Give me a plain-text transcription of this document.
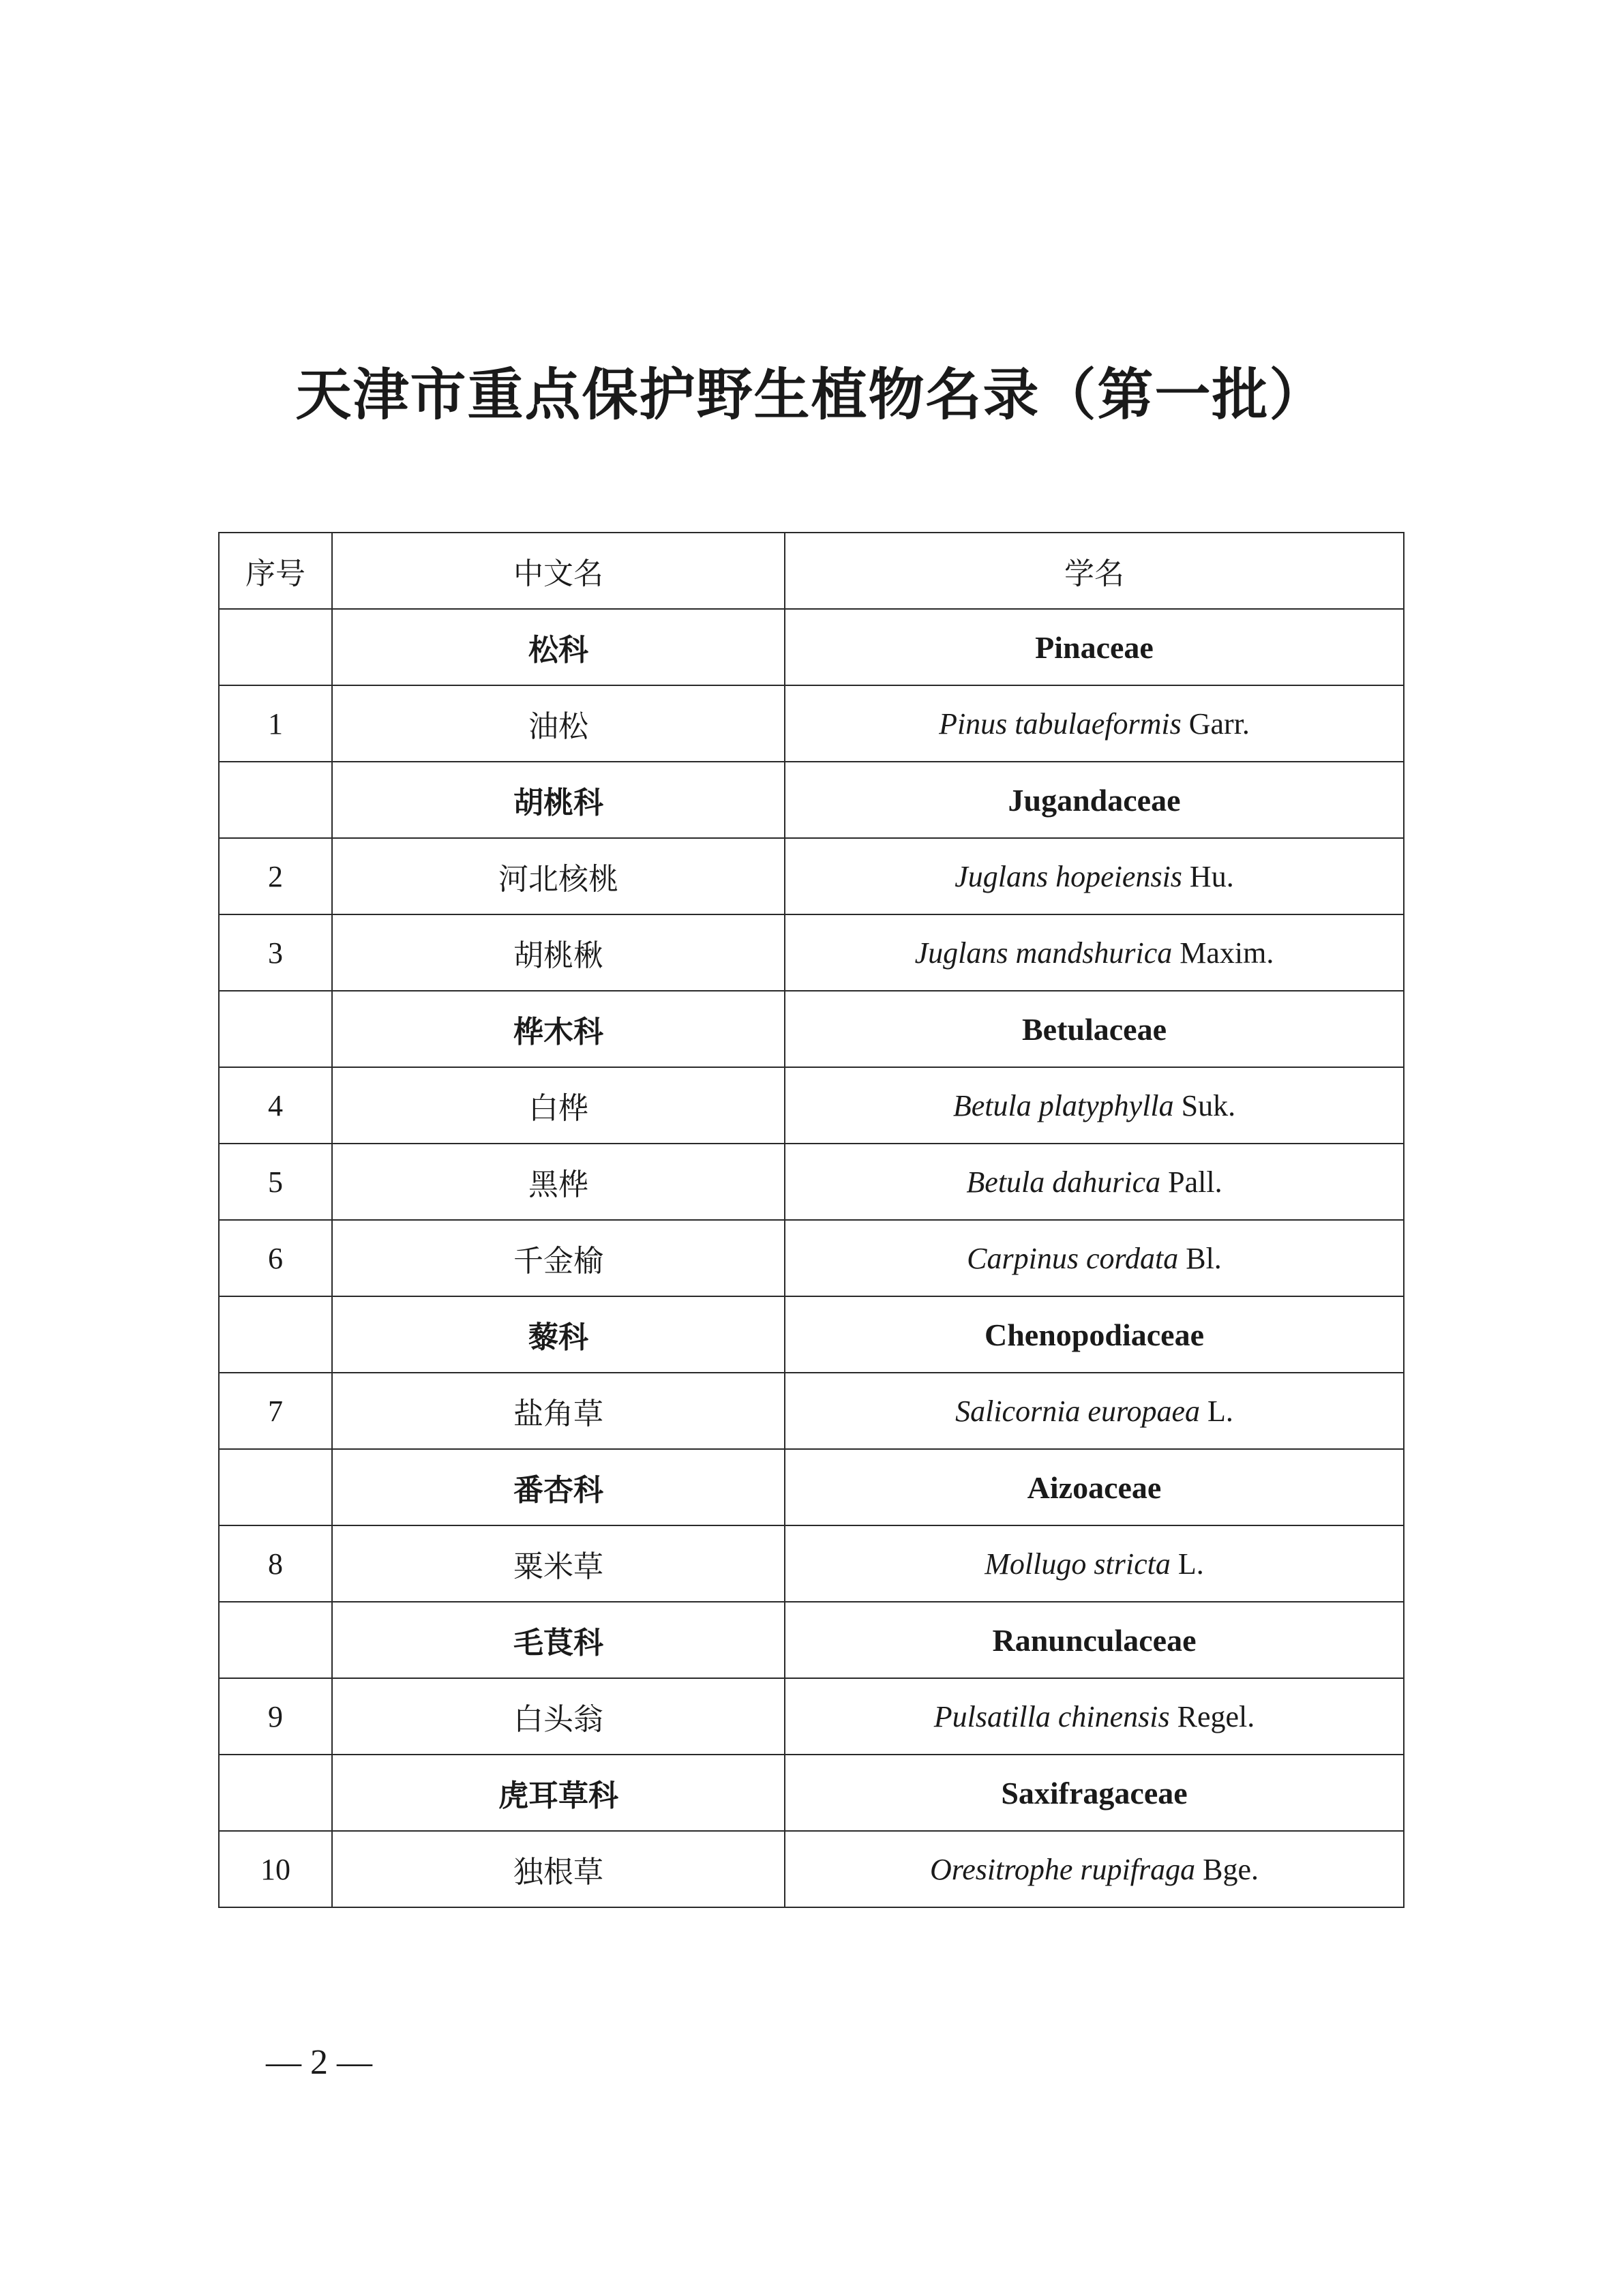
天津市重点保护野生植物名录（第一批）
序号	中文名	学名
	松科	Pinaceae
1	油松	Pinus tabulaeformis Garr.
	胡桃科	Jugandaceae
2	河北核桃	Juglans hopeiensis Hu.
3	胡桃楸	Juglans mandshurica Maxim.
	桦木科	Betulaceae
4	白桦	Betula platyphylla Suk.
5	黑桦	Betula dahurica Pall.
6	千金榆	Carpinus cordata Bl.
	藜科	Chenopodiaceae
7	盐角草	Salicornia europaea L.
	番杏科	Aizoaceae
8	粟米草	Mollugo stricta L.
	毛茛科	Ranunculaceae
9	白头翁	Pulsatilla chinensis Regel.
	虎耳草科	Saxifragaceae
10	独根草	Oresitrophe rupifraga Bge.
— 2 —
